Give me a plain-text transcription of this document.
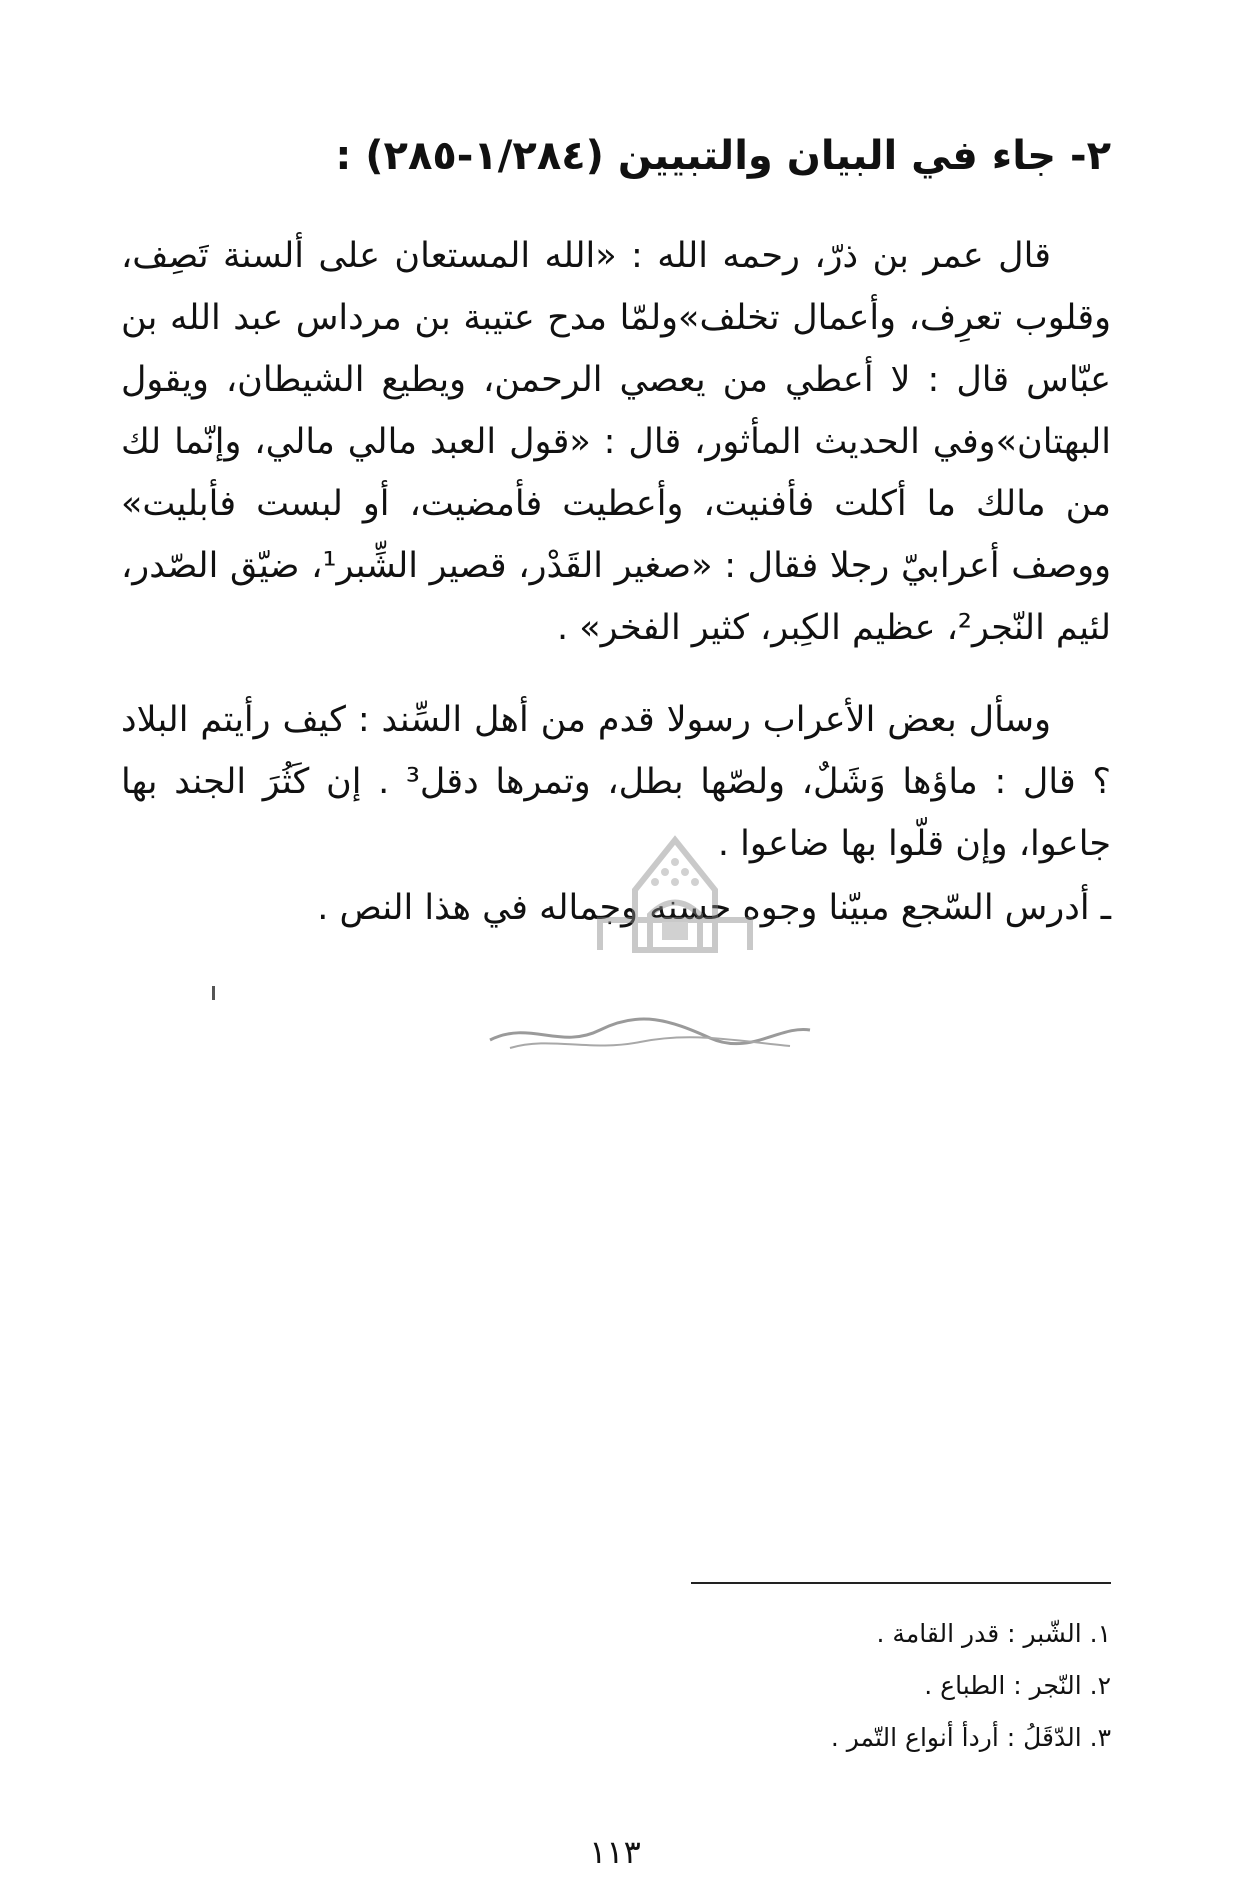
٢- جاء في البيان والتبيين (١/٢٨٤-٢٨٥) :

قال عمر بن ذرّ، رحمه الله : «الله المستعان على ألسنة تَصِف، وقلوب تعرِف، وأعمال تخلف»ولمّا مدح عتيبة بن مرداس عبد الله بن عبّاس قال : لا أعطي من يعصي الرحمن، ويطيع الشيطان، ويقول البهتان»وفي الحديث المأثور، قال : «قول العبد مالي مالي، وإنّما لك من مالك ما أكلت فأفنيت، وأعطيت فأمضيت، أو لبست فأبليت» ووصف أعرابيّ رجلا فقال : «صغير القَدْر، قصير الشِّبر¹، ضيّق الصّدر، لئيم النّجر²، عظيم الكِبر، كثير الفخر» .

وسأل بعض الأعراب رسولا قدم من أهل السِّند : كيف رأيتم البلاد ؟ قال : ماؤها وَشَلٌ، ولصّها بطل، وتمرها دقل³ . إن كَثُرَ الجند بها جاعوا، وإن قلّوا بها ضاعوا .

ـ أدرس السّجع مبيّنا وجوه حسنه وجماله في هذا النص .

١. الشّبر : قدر القامة .
٢. النّجر : الطباع .
٣. الدّقَلُ : أردأ أنواع التّمر .
١١٣
